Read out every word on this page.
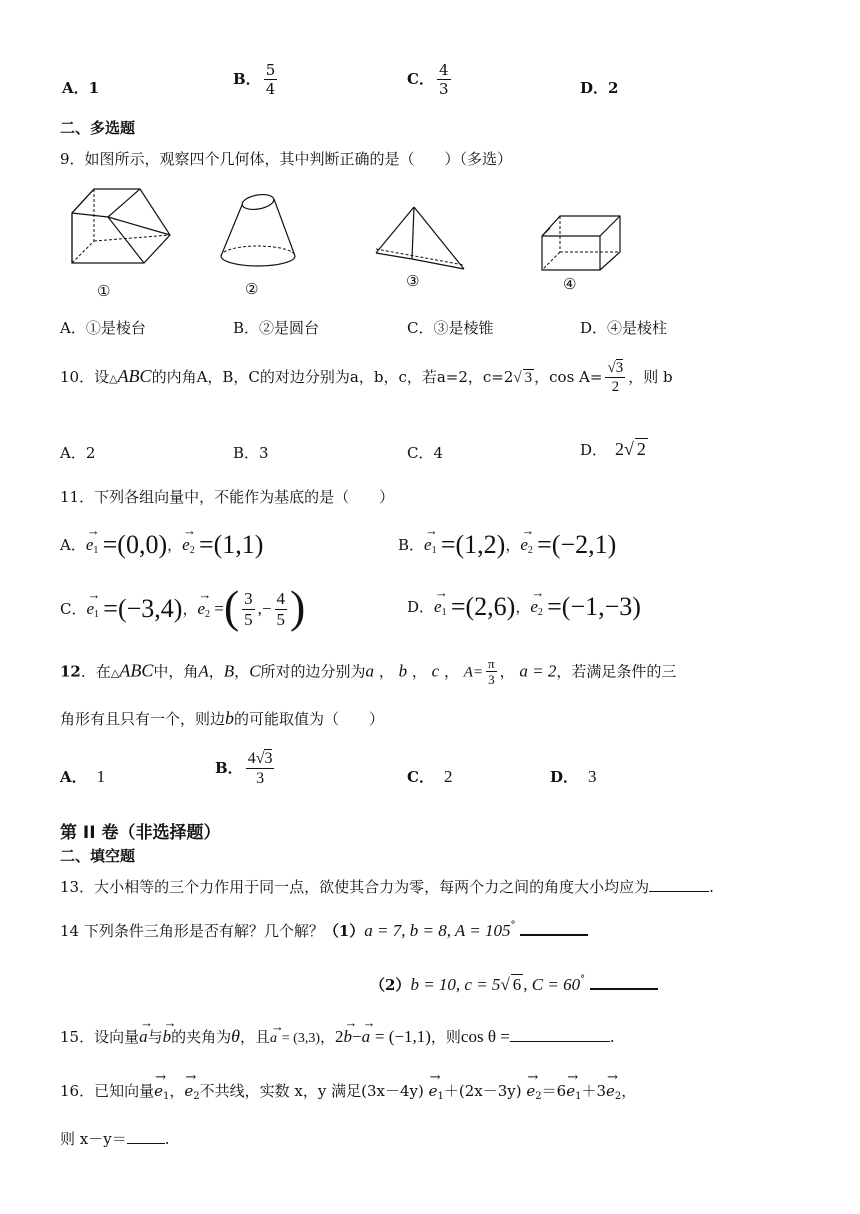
A．1
B． $\frac{5}{4}$	C． $\frac{4}{3}$	D．2
二、多选题
9．如图所示，观察四个几何体，其中判断正确的是（　　）（多选）
①	②	③	④
A．①是棱台	B．②是圆台	C．③是棱锥	D．④是棱柱
10．设△ABC的内角A，B，C的对边分别为a，b，c，若a=2，c=2√ 3 ，$\cos A= \frac{√3}{2}$ ，则 b
A．2	B．3	C．4	D． 2√ 2
11．下列各组向量中，不能作为基底的是（　　）
A．→ $e_1 =(0,0)$，→ $e_2 =(1,1)$	B．→ $e_1 =(1,2)$，→ $e_2 =(-2,1)$
C．→ $e_1 =(-3,4)$，→ $e_2$ =( $\frac{3}{5}$ ,− $\frac{4}{5}$ )	D．→ $e_1 =(2,6)$，→ $e_2 =(-1,-3)$
12．在△ABC中，角A，B，C所对的边分别为a ， b ， c ， $A= \frac{\pi}{3}$ ， a = 2，若满足条件的三
角形有且只有一个，则边b的可能取值为（　　）
A． 1	B． $\frac{4√3}{3}$	C． 2	D． 3
第 II 卷（非选择题）
二、填空题
13．大小相等的三个力作用于同一点，欲使其合力为零，每两个力之间的角度大小均应为	.
14 下列条件三角形是否有解？几个解？（1）a = 7, b = 8, A = 105°
（2）b = 10, c = 5√ 6 , C = 60°
15．设向量→ a与→ b的夹角为θ，且→ a = (3,3)，2→ b−→ a = (−1,1)，则cos θ =	.
16．已知向量→ $e_1$，→ $e_2$不共线，实数 x，y 满足$(3x-4y) \to e_1+(2x-3y) \to e_2=6\to e_1+3\to e_2$，
则 x－y＝	.
